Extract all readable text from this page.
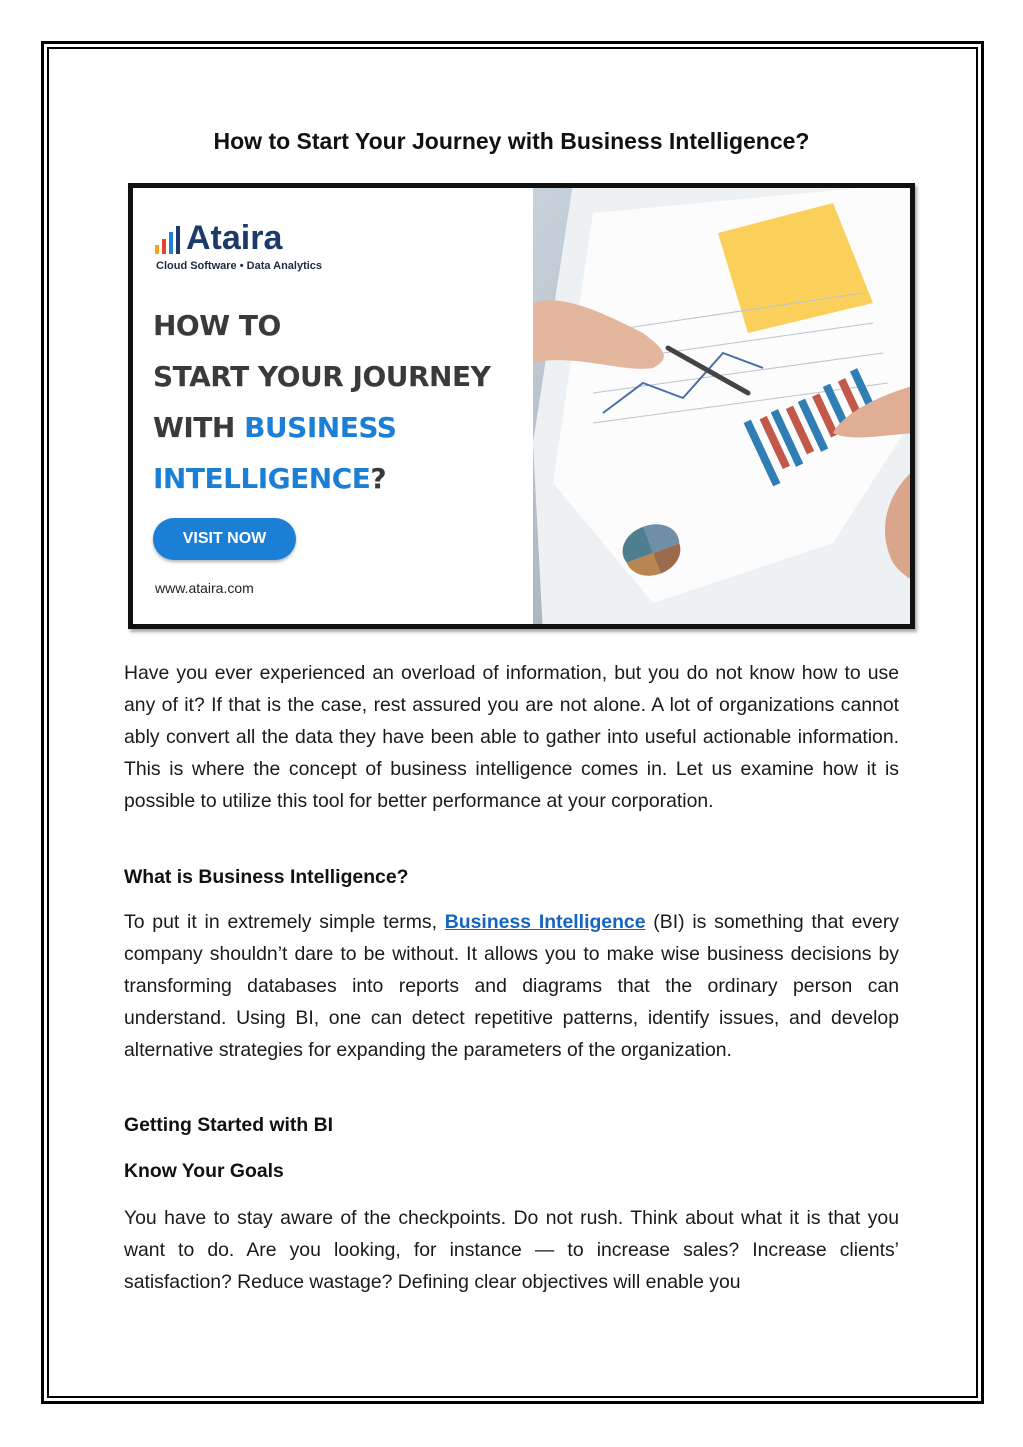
How to Start Your Journey with Business Intelligence?
Ataira
Cloud Software • Data Analytics
HOW TO
START YOUR JOURNEY
WITH BUSINESS
INTELLIGENCE?
VISIT NOW
www.ataira.com

Have you ever experienced an overload of information, but you do not know how to use any of it? If that is the case, rest assured you are not alone. A lot of organizations cannot ably convert all the data they have been able to gather into useful actionable information. This is where the concept of business intelligence comes in. Let us examine how it is possible to utilize this tool for better performance at your corporation.

What is Business Intelligence?

To put it in extremely simple terms, Business Intelligence (BI) is something that every company shouldn’t dare to be without. It allows you to make wise business decisions by transforming databases into reports and diagrams that the ordinary person can understand. Using BI, one can detect repetitive patterns, identify issues, and develop alternative strategies for expanding the parameters of the organization.

Getting Started with BI
Know Your Goals

You have to stay aware of the checkpoints. Do not rush. Think about what it is that you want to do. Are you looking, for instance — to increase sales? Increase clients’ satisfaction? Reduce wastage? Defining clear objectives will enable you
